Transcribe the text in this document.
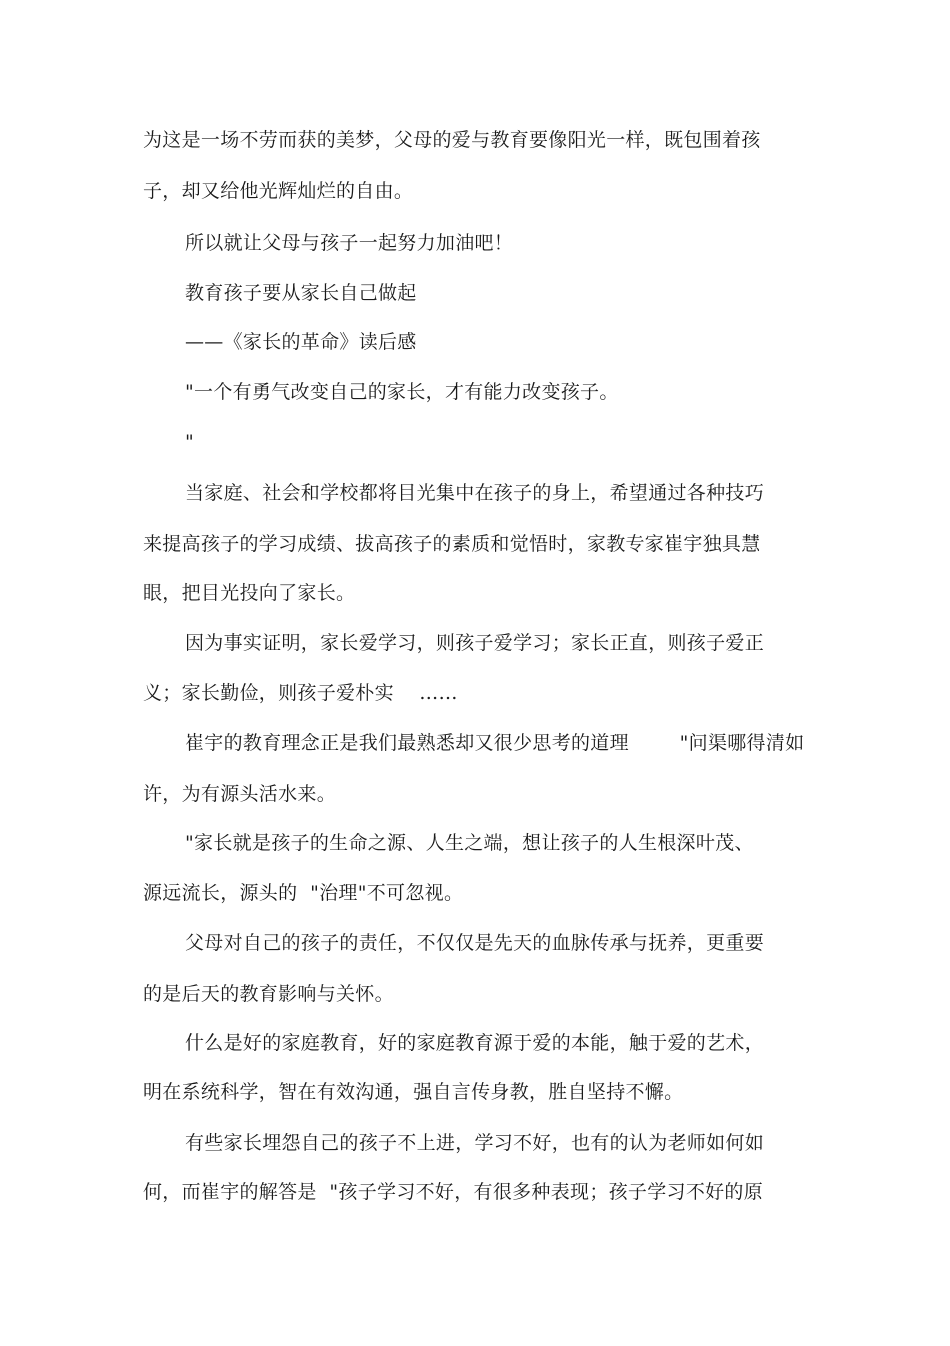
为这是一场不劳而获的美梦，父母的爱与教育要像阳光一样，既包围着孩
子，却又给他光辉灿烂的自由。
所以就让父母与孩子一起努力加油吧！
教育孩子要从家长自己做起
——《家长的革命》读后感
"一个有勇气改变自己的家长，才有能力改变孩子。
"
当家庭、社会和学校都将目光集中在孩子的身上，希望通过各种技巧
来提高孩子的学习成绩、拔高孩子的素质和觉悟时，家教专家崔宇独具慧
眼，把目光投向了家长。
因为事实证明，家长爱学习，则孩子爱学习；家长正直，则孩子爱正
义；家长勤俭，则孩子爱朴实    ……
崔宇的教育理念正是我们最熟悉却又很少思考的道理        "问渠哪得清如
许，为有源头活水来。
"家长就是孩子的生命之源、人生之端，想让孩子的人生根深叶茂、
源远流长，源头的  "治理"不可忽视。
父母对自己的孩子的责任，不仅仅是先天的血脉传承与抚养，更重要
的是后天的教育影响与关怀。
什么是好的家庭教育，好的家庭教育源于爱的本能，触于爱的艺术，
明在系统科学，智在有效沟通，强自言传身教，胜自坚持不懈。
有些家长埋怨自己的孩子不上进，学习不好，也有的认为老师如何如
何，而崔宇的解答是  "孩子学习不好，有很多种表现；孩子学习不好的原
